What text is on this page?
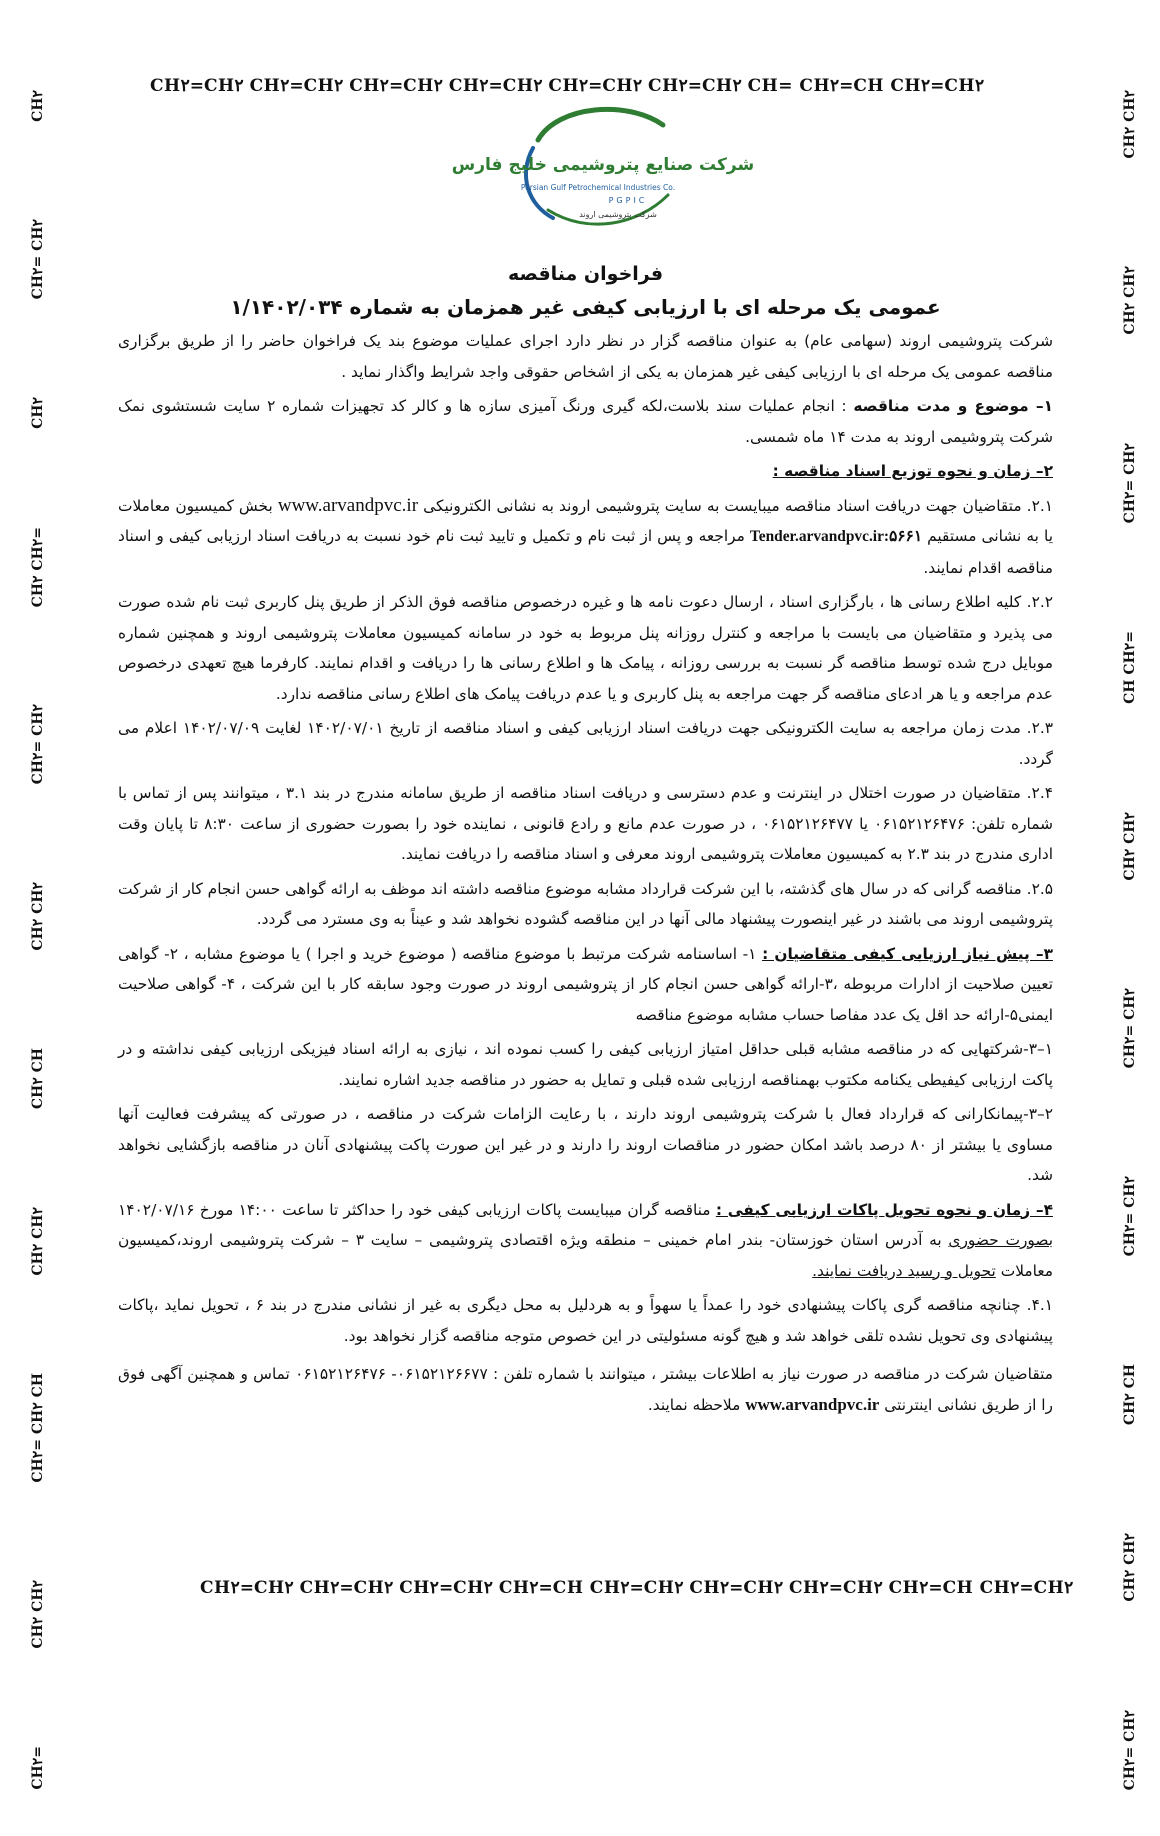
CH۲=CH۲ CH۲=CH۲ CH۲=CH۲ CH۲=CH۲ CH۲=CH۲ CH۲=CH۲ CH= CH۲=CH CH۲=CH۲
CH۲
CH۲= CH۲
CH۲
CH۲ CH۲=
CH۲= CH۲
CH۲ CH۲
CH۲ CH
CH۲ CH۲
CH۲= CH۲ CH
CH۲ CH۲
CH۲=
CH۲ CH۲
CH۲ CH۲
CH۲= CH۲
CH CH۲=
CH۲ CH۲
CH۲= CH۲
CH۲= CH۲
CH۲ CH
CH۲ CH۲
CH۲= CH۲
شرکت صنایع پتروشیمی خلیج فارس
Persian Gulf Petrochemical Industries Co.
PGPIC
شرکت پتروشیمی اروند
فراخوان مناقصه
عمومی یک مرحله ای با ارزیابی کیفی غیر همزمان به شماره ۱/۱۴۰۲/۰۳۴

شرکت پتروشیمی اروند (سهامی عام) به عنوان مناقصه گزار در نظر دارد اجرای عملیات موضوع بند یک فراخوان حاضر را از طریق برگزاری مناقصه عمومی یک مرحله ای با ارزیابی کیفی غیر همزمان به یکی از اشخاص حقوقی واجد شرایط واگذار نماید .

۱– موضوع و مدت مناقصه : انجام عملیات سند بلاست،لکه گیری ورنگ آمیزی سازه ها و کالر کد تجهیزات شماره ۲ سایت شستشوی نمک شرکت پتروشیمی اروند به مدت ۱۴ ماه شمسی.

۲– زمان و نحوه توزیع اسناد مناقصه :

۲.۱. متقاضیان جهت دریافت اسناد مناقصه میبایست به سایت پتروشیمی اروند به نشانی الکترونیکی www.arvandpvc.ir بخش کمیسیون معاملات یا به نشانی مستقیم Tender.arvandpvc.ir:۵۶۶۱ مراجعه و پس از ثبت نام و تکمیل و تایید ثبت نام خود نسبت به دریافت اسناد ارزیابی کیفی و اسناد مناقصه اقدام نمایند.

۲.۲. کلیه اطلاع رسانی ها ، بارگزاری اسناد ، ارسال دعوت نامه ها و غیره درخصوص مناقصه فوق الذکر از طریق پنل کاربری ثبت نام شده صورت می پذیرد و متقاضیان می بایست با مراجعه و کنترل روزانه پنل مربوط به خود در سامانه کمیسیون معاملات پتروشیمی اروند و همچنین شماره موبایل درج شده توسط مناقصه گر نسبت به بررسی روزانه ، پیامک ها و اطلاع رسانی ها را دریافت و اقدام نمایند. کارفرما هیچ تعهدی درخصوص عدم مراجعه و یا هر ادعای مناقصه گر جهت مراجعه به پنل کاربری و یا عدم دریافت پیامک های اطلاع رسانی مناقصه ندارد.

۲.۳. مدت زمان مراجعه به سایت الکترونیکی جهت دریافت اسناد ارزیابی کیفی و اسناد مناقصه از تاریخ ۱۴۰۲/۰۷/۰۱ لغایت ۱۴۰۲/۰۷/۰۹ اعلام می گردد.

۲.۴. متقاضیان در صورت اختلال در اینترنت و عدم دسترسی و دریافت اسناد مناقصه از طریق سامانه مندرج در بند ۳.۱ ، میتوانند پس از تماس با شماره تلفن: ۰۶۱۵۲۱۲۶۴۷۶ یا ۰۶۱۵۲۱۲۶۴۷۷ ، در صورت عدم مانع و رادع قانونی ، نماینده خود را بصورت حضوری از ساعت ۸:۳۰ تا پایان وقت اداری مندرج در بند ۲.۳ به کمیسیون معاملات پتروشیمی اروند معرفی و اسناد مناقصه را دریافت نمایند.

۲.۵. مناقصه گرانی که در سال های گذشته، با این شرکت قرارداد مشابه موضوع مناقصه داشته اند موظف به ارائه گواهی حسن انجام کار از شرکت پتروشیمی اروند می باشند در غیر اینصورت پیشنهاد مالی آنها در این مناقصه گشوده نخواهد شد و عیناً به وی مسترد می گردد.

۳– پیش نیاز ارزیابی کیفی متقاضیان : ۱- اساسنامه شرکت مرتبط با موضوع مناقصه ( موضوع خرید و اجرا ) یا موضوع مشابه ، ۲- گواهی تعیین صلاحیت از ادارات مربوطه ،۳-ارائه گواهی حسن انجام کار از پتروشیمی اروند در صورت وجود سابقه کار با این شرکت ، ۴- گواهی صلاحیت ایمنی۵-ارائه حد اقل یک عدد مفاصا حساب مشابه موضوع مناقصه

۱–۳-شرکتهایی که در مناقصه مشابه قبلی حداقل امتیاز ارزیابی کیفی را کسب نموده اند ، نیازی به ارائه اسناد فیزیکی ارزیابی کیفی نداشته و در پاکت ارزیابی کیفیطی یکنامه مکتوب بهمناقصه ارزیابی شده قبلی و تمایل به حضور در مناقصه جدید اشاره نمایند.

۲–۳-پیمانکارانی که قرارداد فعال با شرکت پتروشیمی اروند دارند ، با رعایت الزامات شرکت در مناقصه ، در صورتی که پیشرفت فعالیت آنها مساوی یا بیشتر از ۸۰ درصد باشد امکان حضور در مناقصات اروند را دارند و در غیر این صورت پاکت پیشنهادی آنان در مناقصه بازگشایی نخواهد شد.

۴– زمان و نحوه تحویل پاکات ارزیابی کیفی : مناقصه گران میبایست پاکات ارزیابی کیفی خود را حداکثر تا ساعت ۱۴:۰۰ مورخ ۱۴۰۲/۰۷/۱۶ بصورت حضوری به آدرس استان خوزستان- بندر امام خمینی – منطقه ویژه اقتصادی پتروشیمی – سایت ۳ – شرکت پتروشیمی اروند،کمیسیون معاملات تحویل و رسید دریافت نمایند.

۴.۱. چنانچه مناقصه گری پاکات پیشنهادی خود را عمداً یا سهواً و به هردلیل به محل دیگری به غیر از نشانی مندرج در بند ۶ ، تحویل نماید ،پاکات پیشنهادی وی تحویل نشده تلقی خواهد شد و هیچ گونه مسئولیتی در این خصوص متوجه مناقصه گزار نخواهد بود.

متقاضیان شرکت در مناقصه در صورت نیاز به اطلاعات بیشتر ، میتوانند با شماره تلفن : ۰۶۱۵۲۱۲۶۶۷۷- ۰۶۱۵۲۱۲۶۴۷۶ تماس و همچنین آگهی فوق را از طریق نشانی اینترنتی www.arvandpvc.ir ملاحظه نمایند.

CH۲=CH۲ CH۲=CH۲ CH۲=CH۲ CH۲=CH CH۲=CH۲ CH۲=CH۲ CH۲=CH۲ CH۲=CH CH۲=CH۲
